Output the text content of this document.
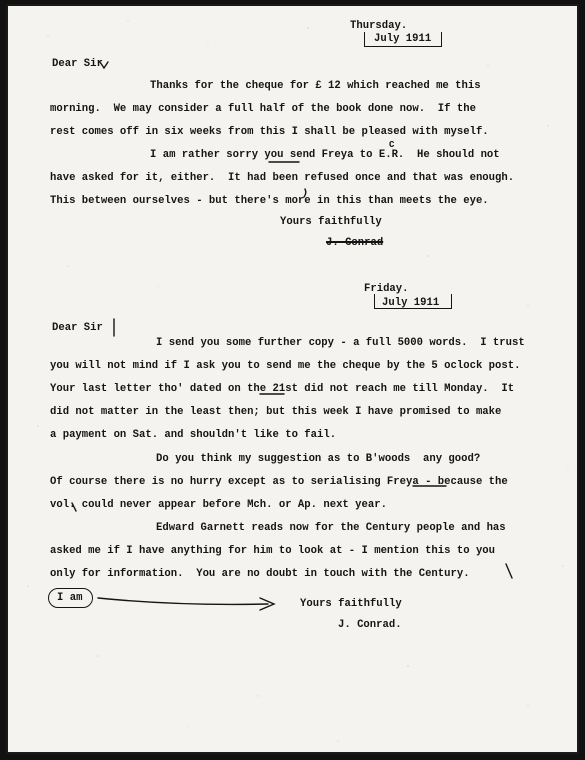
Thursday.
July 1911
Dear Sir
Thanks for the cheque for £ 12 which reached me this
morning.  We may consider a full half of the book done now.  If the
rest comes off in six weeks from this I shall be pleased with myself.
I am rather sorry you send Freya to E.R.  He should not
C
have asked for it, either.  It had been refused once and that was enough.
This between ourselves - but there's more in this than meets the eye.
Yours faithfully
J. Conrad
Friday.
July 1911
Dear Sir
I send you some further copy - a full 5000 words.  I trust
you will not mind if I ask you to send me the cheque by the 5 oclock post.
Your last letter tho' dated on the 21st did not reach me till Monday.  It
did not matter in the least then; but this week I have promised to make
a payment on Sat. and shouldn't like to fail.
Do you think my suggestion as to B'woods  any good?
Of course there is no hurry except as to serialising Freya - because the
vol. could never appear before Mch. or Ap. next year.
Edward Garnett reads now for the Century people and has
asked me if I have anything for him to look at - I mention this to you
only for information.  You are no doubt in touch with the Century.
I am	Yours faithfully
J. Conrad.
